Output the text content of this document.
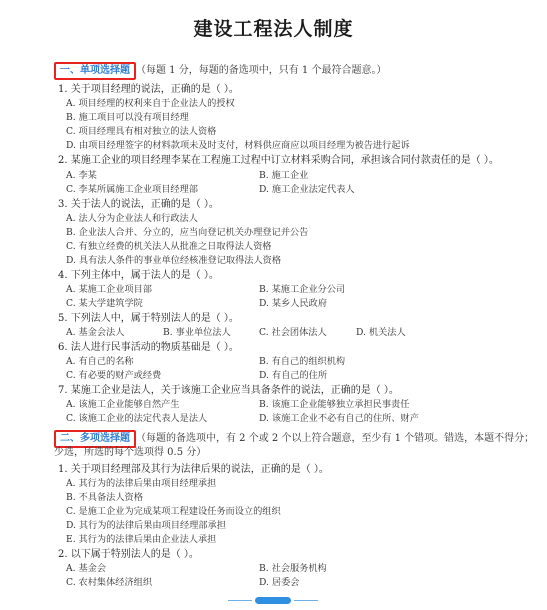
建设工程法人制度
一、单项选择题 （每题 1 分，每题的备选项中，只有 1 个最符合题意。）
1. 关于项目经理的说法，正确的是（ ）。
A. 项目经理的权利来自于企业法人的授权
B. 施工项目可以没有项目经理
C. 项目经理具有相对独立的法人资格
D. 由项目经理签字的材料款项未及时支付，材料供应商应以项目经理为被告进行起诉
2. 某施工企业的项目经理李某在工程施工过程中订立材料采购合同，承担该合同付款责任的是（ ）。
A. 李某	B. 施工企业
C. 李某所属施工企业项目经理部	D. 施工企业法定代表人
3. 关于法人的说法，正确的是（ ）。
A. 法人分为企业法人和行政法人
B. 企业法人合并、分立的，应当向登记机关办理登记并公告
C. 有独立经费的机关法人从批准之日取得法人资格
D. 具有法人条件的事业单位经核准登记取得法人资格
4. 下列主体中，属于法人的是（ ）。
A. 某施工企业项目部	B. 某施工企业分公司
C. 某大学建筑学院	D. 某乡人民政府
5. 下列法人中，属于特别法人的是（ ）。
A. 基金会法人	B. 事业单位法人	C. 社会团体法人	D. 机关法人
6. 法人进行民事活动的物质基础是（ ）。
A. 有自己的名称	B. 有自己的组织机构
C. 有必要的财产或经费	D. 有自己的住所
7. 某施工企业是法人，关于该施工企业应当具备条件的说法，正确的是（ ）。
A. 该施工企业能够自然产生	B. 该施工企业能够独立承担民事责任
C. 该施工企业的法定代表人是法人	D. 该施工企业不必有自己的住所、财产
二、多项选择题 （每题的备选项中，有 2 个或 2 个以上符合题意，至少有 1 个错项。错选，本题不得分；
少选，所选的每个选项得 0.5 分）
1. 关于项目经理部及其行为法律后果的说法，正确的是（ ）。
A. 其行为的法律后果由项目经理承担
B. 不具备法人资格
C. 是施工企业为完成某项工程建设任务而设立的组织
D. 其行为的法律后果由项目经理部承担
E. 其行为的法律后果由企业法人承担
2. 以下属于特别法人的是（ ）。
A. 基金会	B. 社会服务机构
C. 农村集体经济组织	D. 居委会
